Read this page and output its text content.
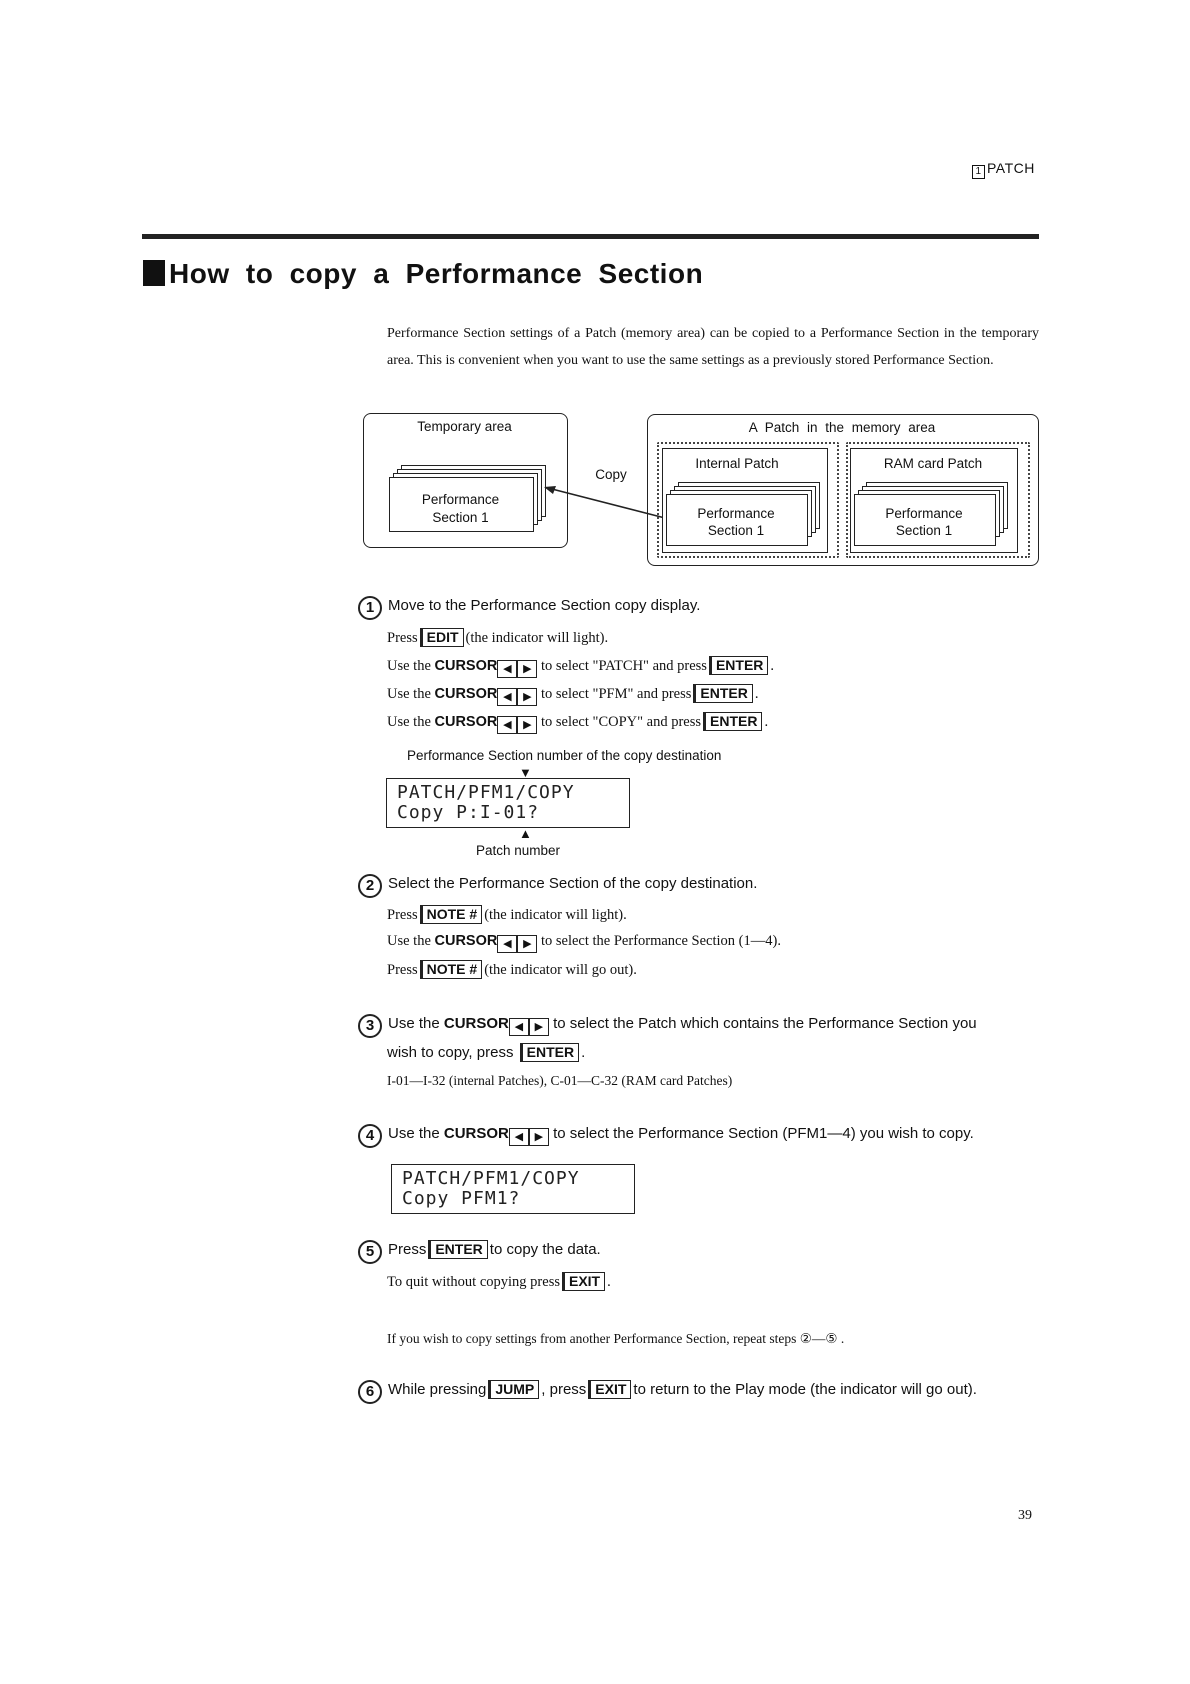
1 PATCH
How to copy a Performance Section
Performance Section settings of a Patch (memory area) can be copied to a Performance Section in the temporary area. This is convenient when you want to use the same settings as a previously stored Performance Section.
Temporary area
Performance
Section 1
Copy
A Patch in the memory area
Internal Patch
Performance
Section 1
RAM card Patch
Performance
Section 1
1 Move to the Performance Section copy display.
Press EDIT (the indicator will light).
Use the CURSOR ◀ ▶ to select "PATCH" and press ENTER .
Use the CURSOR ◀ ▶ to select "PFM" and press ENTER .
Use the CURSOR ◀ ▶ to select "COPY" and press ENTER .
Performance Section number of the copy destination
▼
PATCH/PFM1/COPY
Copy P:I-01?
▲
Patch number
2 Select the Performance Section of the copy destination.
Press NOTE # (the indicator will light).
Use the CURSOR ◀ ▶ to select the Performance Section (1—4).
Press NOTE # (the indicator will go out).
3 Use the CURSOR ◀ ▶ to select the Patch which contains the Performance Section you
wish to copy, press ENTER .
I-01—I-32 (internal Patches), C-01—C-32 (RAM card Patches)
4 Use the CURSOR ◀ ▶ to select the Performance Section (PFM1—4) you wish to copy.
PATCH/PFM1/COPY
Copy PFM1?
5 Press ENTER to copy the data.
To quit without copying press EXIT .
If you wish to copy settings from another Performance Section, repeat steps ②—⑤ .
6 While pressing JUMP , press EXIT to return to the Play mode (the indicator will go out).
39
